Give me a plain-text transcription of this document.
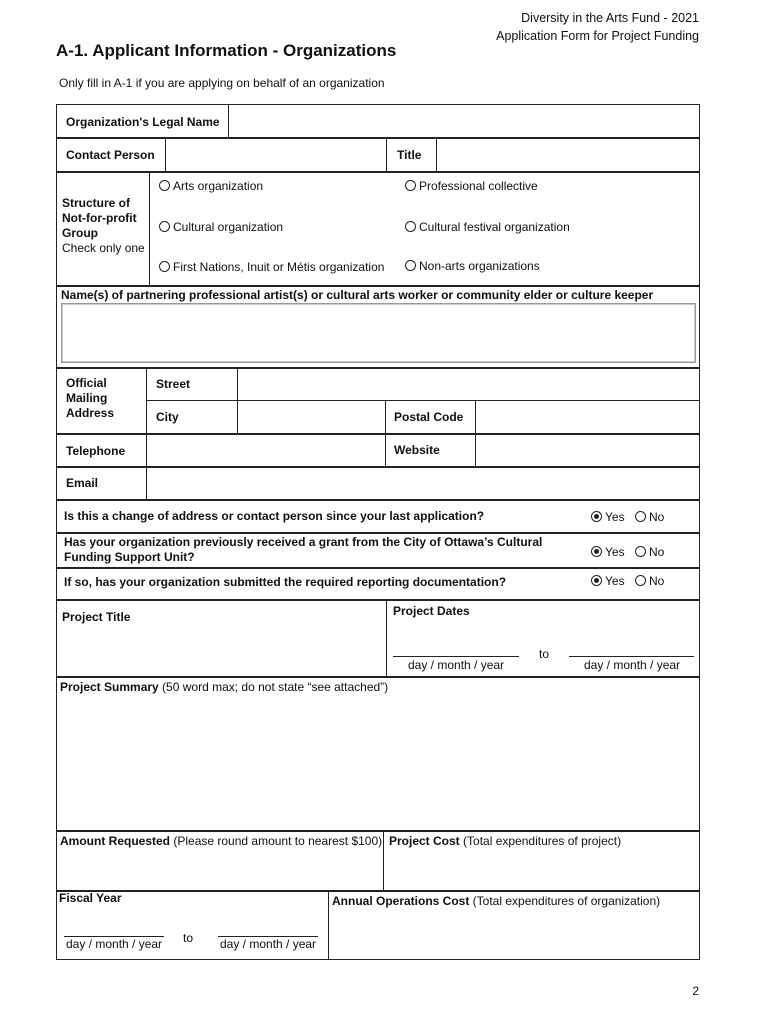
Diversity in the Arts Fund - 2021
Application Form for Project Funding
A-1. Applicant Information - Organizations
Only fill in A-1 if you are applying on behalf of an organization
Organization's Legal Name
Contact Person	Title
Structure of
Not-for-profit
Group
Check only one
Arts organization	Professional collective
Cultural organization	Cultural festival organization
First Nations, Inuit or Métis organization	Non-arts organizations
Name(s) of partnering professional artist(s) or cultural arts worker or community elder or culture keeper
Official
Mailing
Address
Street
City	Postal Code
Telephone	Website
Email
Is this a change of address or contact person since your last application?	Yes	No
Has your organization previously received a grant from the City of Ottawa’s Cultural
Funding Support Unit?	Yes	No
If so, has your organization submitted the required reporting documentation?	Yes	No
Project Title	Project Dates
to
day / month / year	day / month / year
Project Summary (50 word max; do not state “see attached”)
Amount Requested (Please round amount to nearest $100) Project Cost (Total expenditures of project)
Fiscal Year
to
day / month / year	day / month / year
Annual Operations Cost (Total expenditures of organization)
2
